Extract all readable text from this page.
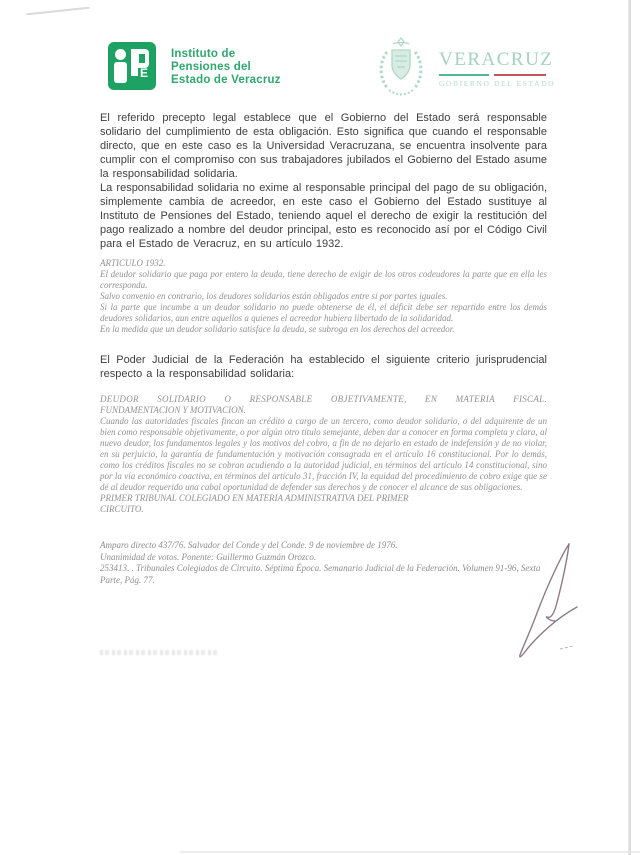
E
Instituto de
Pensiones del
Estado de Veracruz
VERACRUZ
GOBIERNO DEL ESTADO

El referido precepto legal establece que el Gobierno del Estado será responsable solidario del cumplimiento de esta obligación. Esto significa que cuando el responsable directo, que en este caso es la Universidad Veracruzana, se encuentra insolvente para cumplir con el compromiso con sus trabajadores jubilados el Gobierno del Estado asume la responsabilidad solidaria.

La responsabilidad solidaria no exime al responsable principal del pago de su obligación, simplemente cambia de acreedor, en este caso el Gobierno del Estado sustituye al Instituto de Pensiones del Estado, teniendo aquel el derecho de exigir la restitución del pago realizado a nombre del deudor principal, esto es reconocido así por el Código Civil para el Estado de Veracruz, en su artículo 1932.

ARTICULO 1932.
El deudor solidario que paga por entero la deuda, tiene derecho de exigir de los otros codeudores la parte que en ella les corresponda.
Salvo convenio en contrario, los deudores solidarios están obligados entre sí por partes iguales.
Si la parte que incumbe a un deudor solidario no puede obtenerse de él, el déficit debe ser repartido entre los demás deudores solidarios, aun entre aquellos a quienes el acreedor hubiera libertado de la solidaridad.
En la medida que un deudor solidario satisface la deuda, se subroga en los derechos del acreedor.

El Poder Judicial de la Federación ha establecido el siguiente criterio jurisprudencial respecto a la responsabilidad solidaria:

DEUDOR SOLIDARIO O RESPONSABLE OBJETIVAMENTE, EN MATERIA FISCAL.
FUNDAMENTACION Y MOTIVACION.
Cuando las autoridades fiscales fincan un crédito a cargo de un tercero, como deudor solidario, o del adquirente de un bien como responsable objetivamente, o por algún otro título semejante, deben dar a conocer en forma completa y clara, al nuevo deudor, los fundamentos legales y los motivos del cobro, a fin de no dejarlo en estado de indefensión y de no violar, en su perjuicio, la garantía de fundamentación y motivación consagrada en el artículo 16 constitucional. Por lo demás, como los créditos fiscales no se cobran acudiendo a la autoridad judicial, en términos del artículo 14 constitucional, sino por la vía económico coactiva, en términos del artículo 31, fracción IV, la equidad del procedimiento de cobro exige que se dé al deudor requerido una cabal oportunidad de defender sus derechos y de conocer el alcance de sus obligaciones.
PRIMER TRIBUNAL COLEGIADO EN MATERIA ADMINISTRATIVA DEL PRIMER CIRCUITO.
Amparo directo 437/76. Salvador del Conde y del Conde. 9 de noviembre de 1976.
Unanimidad de votos. Ponente: Guillermo Guzmán Orozco.
253413. . Tribunales Colegiados de Circuito. Séptima Época. Semanario Judicial de la Federación. Volumen 91-96, Sexta Parte, Pág. 77.
